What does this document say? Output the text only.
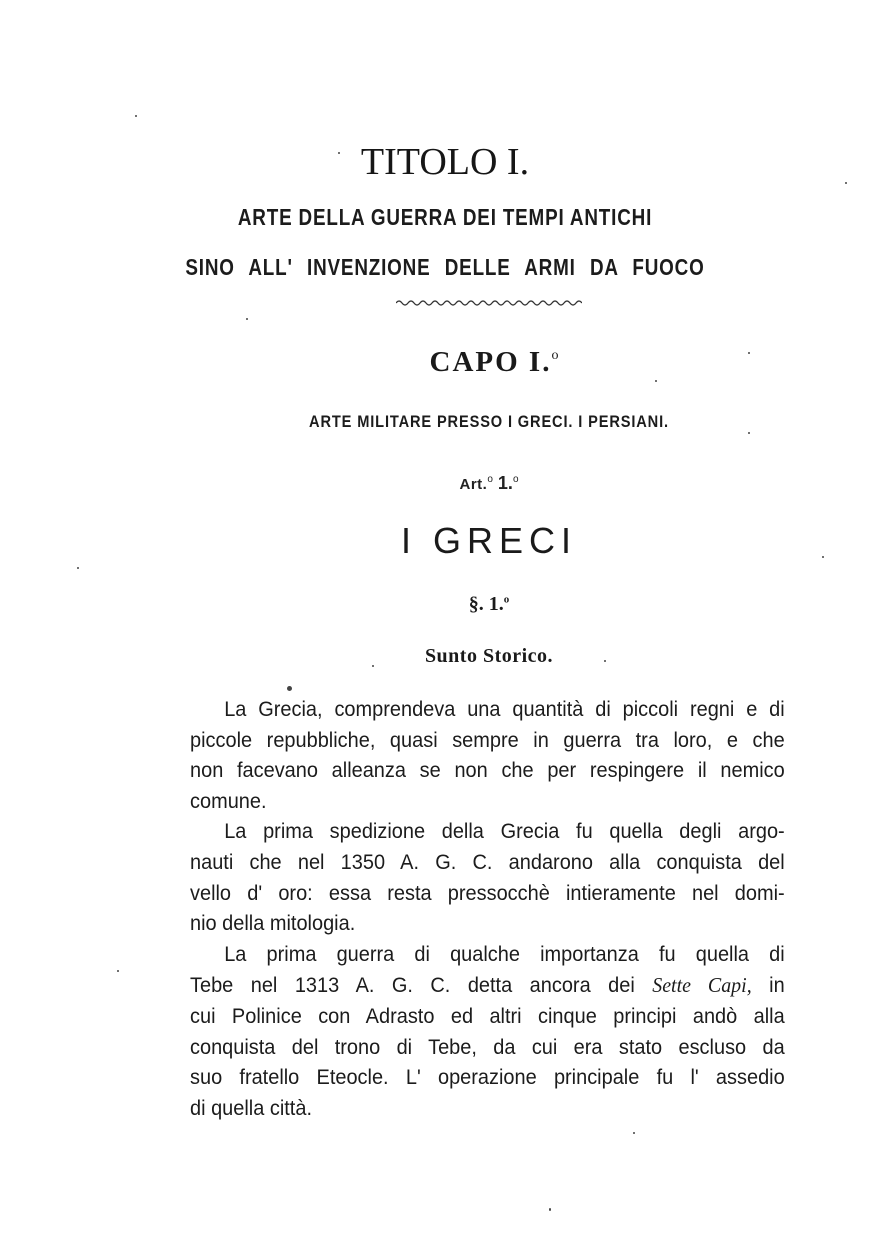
TITOLO I.
ARTE DELLA GUERRA DEI TEMPI ANTICHI
SINO ALL' INVENZIONE DELLE ARMI DA FUOCO
CAPO I.$^o$
ARTE MILITARE PRESSO I GRECI. I PERSIANI.
Art.$^o$ 1.$^o$
I GRECI
§. 1.$^o$
Sunto Storico.
La Grecia, comprendeva una quantità di piccoli regni e di
piccole repubbliche, quasi sempre in guerra tra loro, e che
non facevano alleanza se non che per respingere il nemico
comune.
La prima spedizione della Grecia fu quella degli argo-
nauti che nel 1350 A. G. C. andarono alla conquista del
vello d' oro: essa resta pressocchè intieramente nel domi-
nio della mitologia.
La prima guerra di qualche importanza fu quella di
Tebe nel 1313 A. G. C. detta ancora dei Sette Capi, in
cui Polinice con Adrasto ed altri cinque principi andò alla
conquista del trono di Tebe, da cui era stato escluso da
suo fratello Eteocle. L' operazione principale fu l' assedio
di quella città.
